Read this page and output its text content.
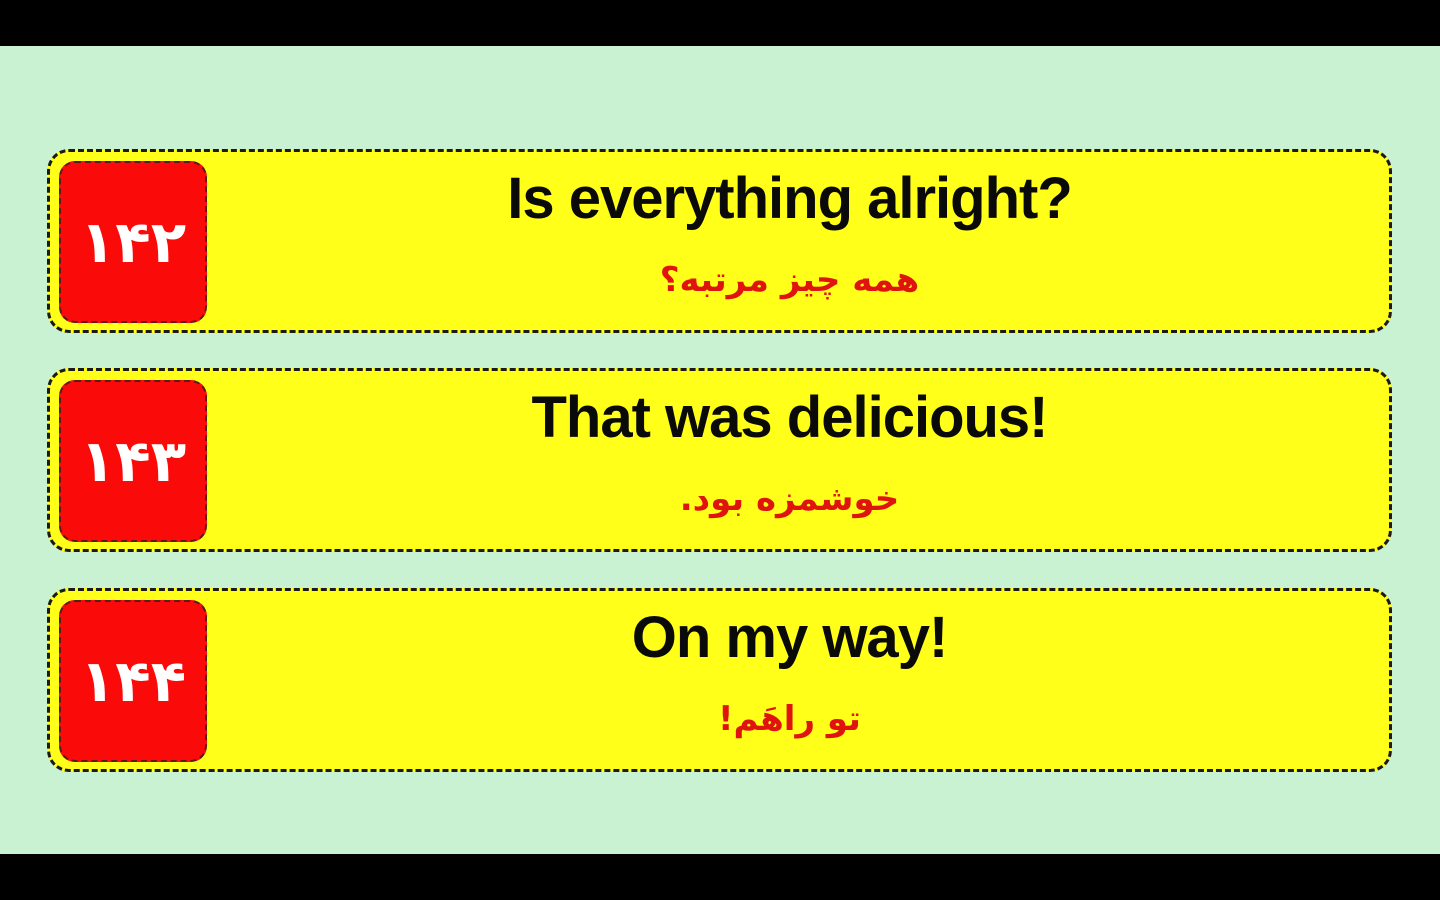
۱۴۲
Is everything alright?
همه چیز مرتبه؟
۱۴۳
That was delicious!
خوشمزه بود.
۱۴۴
On my way!
تو راهَم!
